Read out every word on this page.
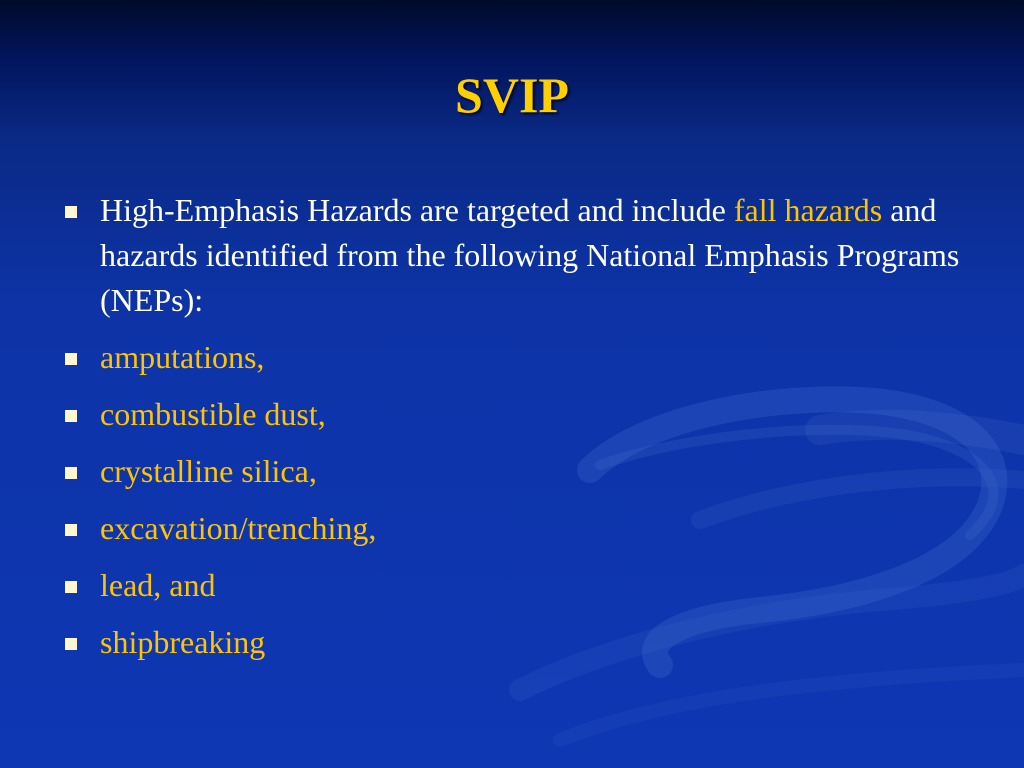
SVIP
High-Emphasis Hazards are targeted and include fall hazards and hazards identified from the following National Emphasis Programs (NEPs):
amputations,
combustible dust,
crystalline silica,
excavation/trenching,
lead, and
shipbreaking
